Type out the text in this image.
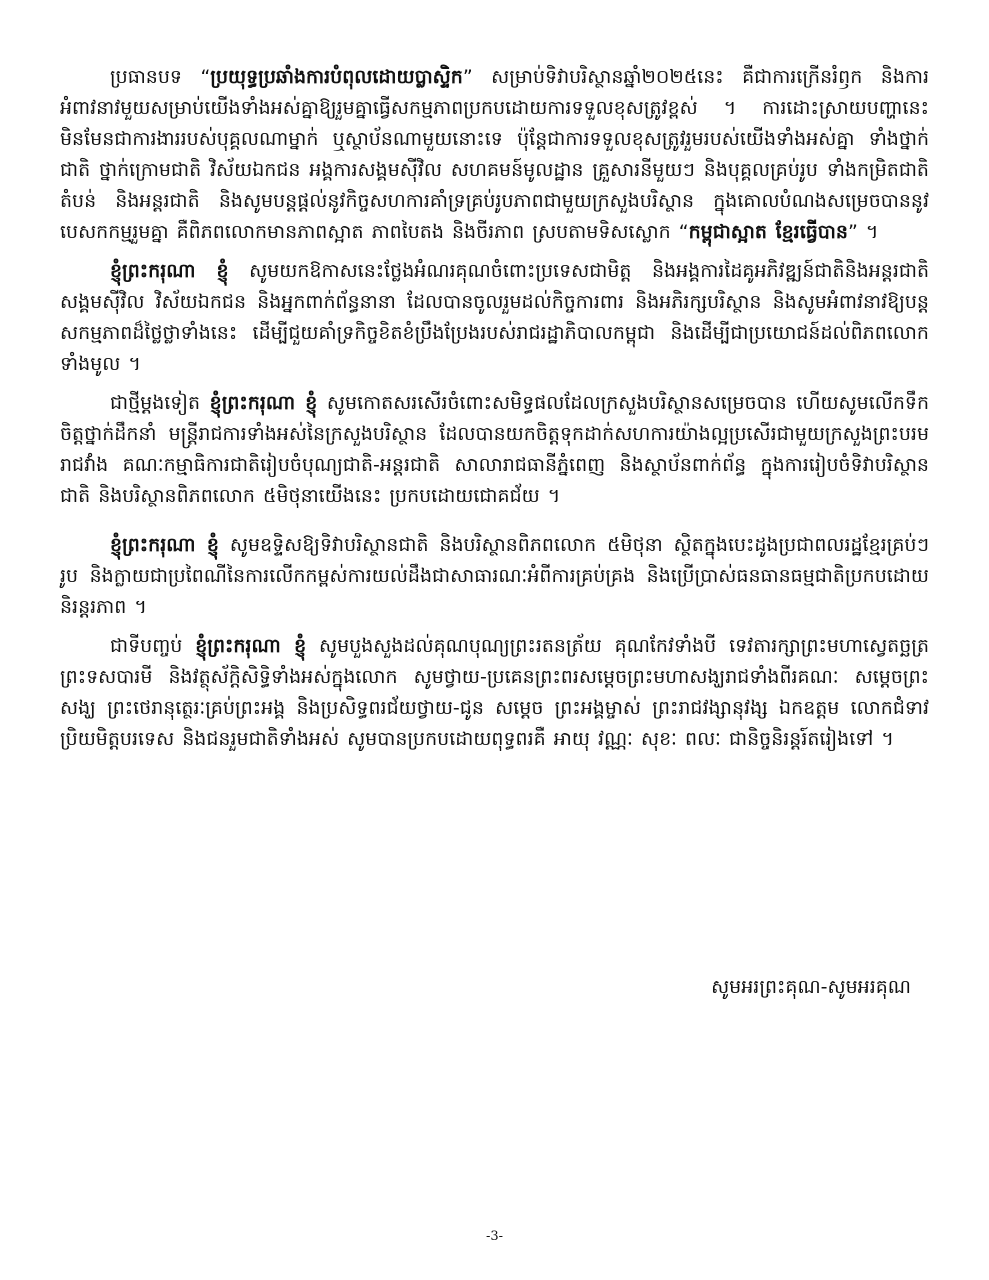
ប្រធានបទ “ប្រយុទ្ធប្រឆាំងការបំពុលដោយប្លាស្ទិក” សម្រាប់ទិវាបរិស្ថានឆ្នាំ២០២៥នេះ គឺជាការក្រើនរំឭក និងការអំពាវនាវមួយសម្រាប់យើងទាំងអស់គ្នាឱ្យរួមគ្នាធ្វើសកម្មភាពប្រកបដោយការទទួលខុសត្រូវខ្ពស់ ។ ការដោះស្រាយបញ្ហានេះ មិនមែនជាការងាររបស់បុគ្គលណាម្នាក់ ឬស្ថាប័នណាមួយនោះទេ ប៉ុន្តែជាការទទួលខុសត្រូវរួមរបស់យើងទាំងអស់គ្នា ទាំងថ្នាក់ជាតិ ថ្នាក់ក្រោមជាតិ វិស័យឯកជន អង្គការសង្គមស៊ីវិល សហគមន៍មូលដ្ឋាន គ្រួសារនីមួយៗ និងបុគ្គលគ្រប់រូប ទាំងកម្រិតជាតិ តំបន់ និងអន្តរជាតិ និងសូមបន្តផ្តល់នូវកិច្ចសហការគាំទ្រគ្រប់រូបភាពជាមួយក្រសួងបរិស្ថាន ក្នុងគោលបំណងសម្រេចបាននូវបេសកកម្មរួមគ្នា គឺពិភពលោកមានភាពស្អាត ភាពបៃតង និងចីរភាព ស្របតាមទិសស្លោក “កម្ពុជាស្អាត ខ្មែរធ្វើបាន” ។

ខ្ញុំព្រះករុណា ខ្ញុំ សូមយកឱកាសនេះថ្លែងអំណរគុណចំពោះប្រទេសជាមិត្ត និងអង្គការដៃគូអភិវឌ្ឍន៍ជាតិនិងអន្តរជាតិ សង្គមស៊ីវិល វិស័យឯកជន និងអ្នកពាក់ព័ន្ធនានា ដែលបានចូលរួមដល់កិច្ចការពារ និងអភិរក្សបរិស្ថាន និងសូមអំពាវនាវឱ្យបន្តសកម្មភាពដ៏ថ្លៃថ្លាទាំងនេះ ដើម្បីជួយគាំទ្រកិច្ចខិតខំប្រឹងប្រែងរបស់រាជរដ្ឋាភិបាលកម្ពុជា និងដើម្បីជាប្រយោជន៍ដល់ពិភពលោកទាំងមូល ។

ជាថ្មីម្តងទៀត ខ្ញុំព្រះករុណា ខ្ញុំ សូមកោតសរសើរចំពោះសមិទ្ធផលដែលក្រសួងបរិស្ថានសម្រេចបាន ហើយសូមលើកទឹកចិត្តថ្នាក់ដឹកនាំ មន្ត្រីរាជការទាំងអស់នៃក្រសួងបរិស្ថាន ដែលបានយកចិត្តទុកដាក់សហការយ៉ាងល្អប្រសើរជាមួយក្រសួងព្រះបរមរាជវាំង គណៈកម្មាធិការជាតិរៀបចំបុណ្យជាតិ-អន្តរជាតិ សាលារាជធានីភ្នំពេញ និងស្ថាប័នពាក់ព័ន្ធ ក្នុងការរៀបចំទិវាបរិស្ថានជាតិ និងបរិស្ថានពិភពលោក ៥មិថុនាយើងនេះ ប្រកបដោយជោគជ័យ ។

ខ្ញុំព្រះករុណា ខ្ញុំ សូមឧទ្ទិសឱ្យទិវាបរិស្ថានជាតិ និងបរិស្ថានពិភពលោក ៥មិថុនា ស្ថិតក្នុងបេះដូងប្រជាពលរដ្ឋខ្មែរគ្រប់ៗរូប និងក្លាយជាប្រពៃណីនៃការលើកកម្ពស់ការយល់ដឹងជាសាធារណៈអំពីការគ្រប់គ្រង និងប្រើប្រាស់ធនធានធម្មជាតិប្រកបដោយនិរន្តរភាព ។

ជាទីបញ្ចប់ ខ្ញុំព្រះករុណា ខ្ញុំ សូមបួងសួងដល់គុណបុណ្យព្រះរតនត្រ័យ គុណកែវទាំងបី ទេវតារក្សាព្រះមហាស្វេតច្ឆត្រ ព្រះទសបារមី និងវត្ថុស័ក្តិសិទ្ធិទាំងអស់ក្នុងលោក សូមថ្វាយ-ប្រគេនព្រះពរសម្តេចព្រះមហាសង្ឃរាជទាំងពីរគណៈ សម្តេចព្រះសង្ឃ ព្រះថេរានុត្ថេរៈគ្រប់ព្រះអង្គ និងប្រសិទ្ធពរជ័យថ្វាយ-ជូន សម្តេច ព្រះអង្គម្ចាស់ ព្រះរាជវង្សានុវង្ស ឯកឧត្តម លោកជំទាវ ប្រិយមិត្តបរទេស និងជនរួមជាតិទាំងអស់ សូមបានប្រកបដោយពុទ្ធពរគឺ អាយុ វណ្ណៈ សុខៈ ពលៈ ជានិច្ចនិរន្តរ៍តរៀងទៅ ។

សូមអរព្រះគុណ-សូមអរគុណ
-3-
